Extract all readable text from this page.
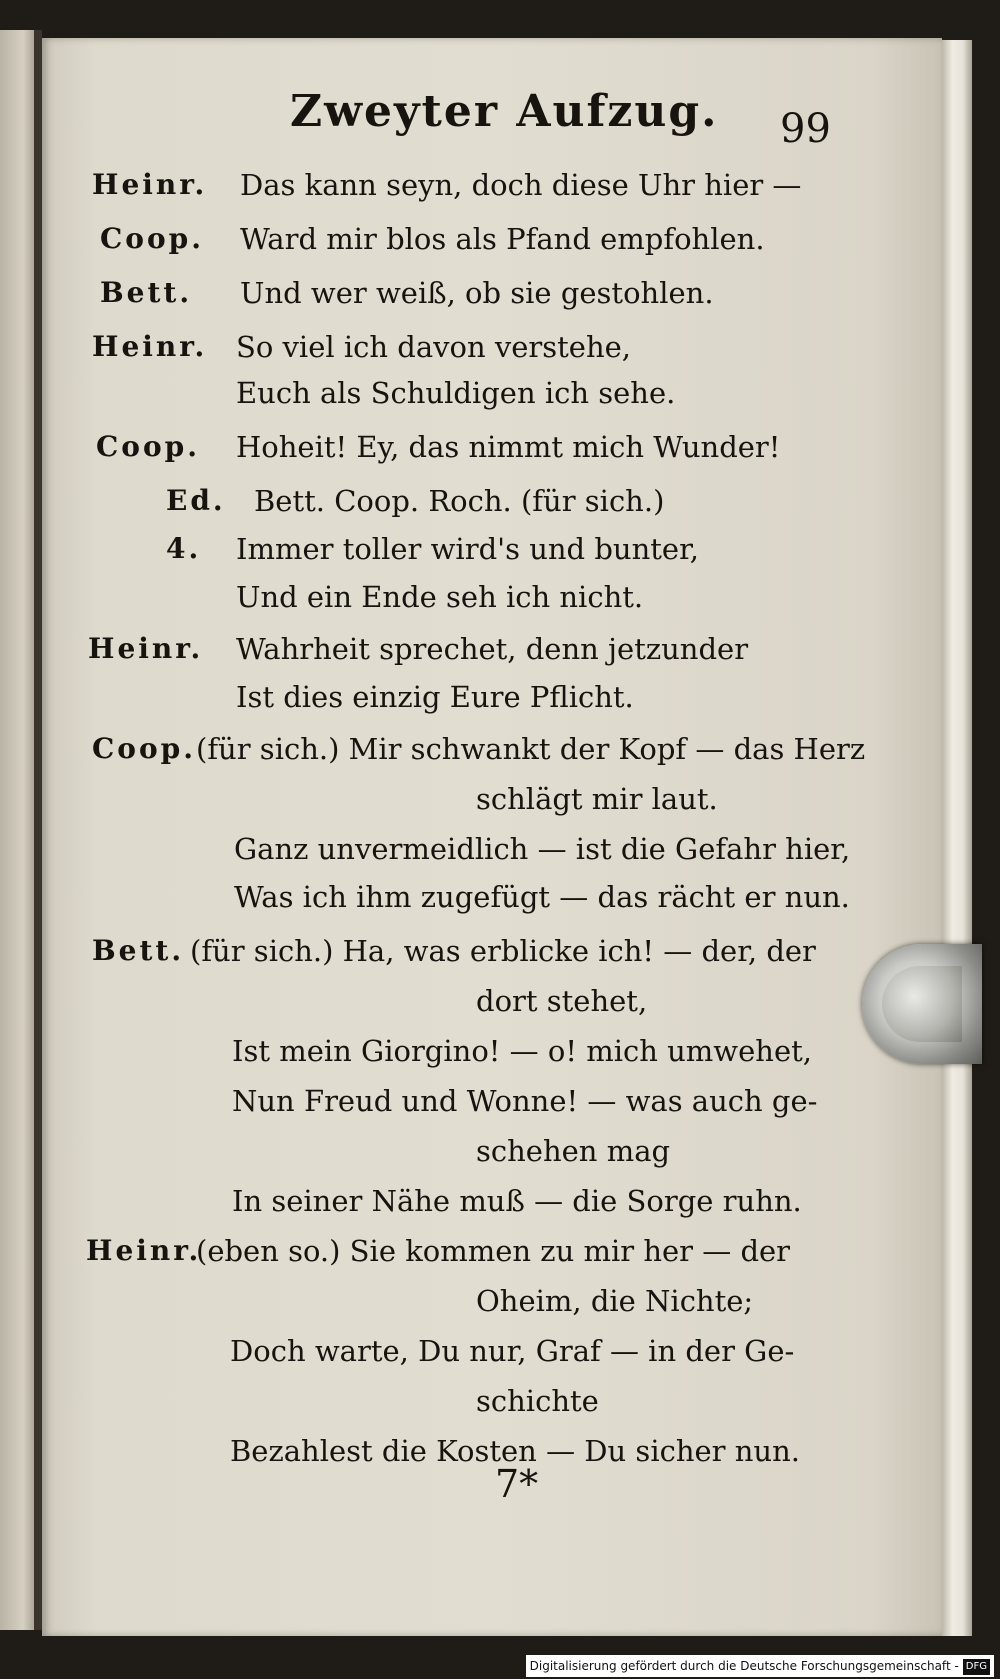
Zweyter Aufzug. 99
Heinr. Das kann seyn, doch diese Uhr hier —
Coop. Ward mir blos als Pfand empfohlen.
Bett. Und wer weiß, ob sie gestohlen.
Heinr. So viel ich davon verstehe,
Euch als Schuldigen ich sehe.
Coop. Hoheit! Ey, das nimmt mich Wunder!
Ed. Bett. Coop. Roch. (für sich.)
4. Immer toller wird's und bunter,
Und ein Ende seh ich nicht.
Heinr. Wahrheit sprechet, denn jetzunder
Ist dies einzig Eure Pflicht.
Coop. (für sich.) Mir schwankt der Kopf — das Herz
schlägt mir laut.
Ganz unvermeidlich — ist die Gefahr hier,
Was ich ihm zugefügt — das rächt er nun.
Bett. (für sich.) Ha, was erblicke ich! — der, der
dort stehet,
Ist mein Giorgino! — o! mich umwehet,
Nun Freud und Wonne! — was auch ge-
schehen mag
In seiner Nähe muß — die Sorge ruhn.
Heinr.
(eben so.) Sie kommen zu mir her — der
Oheim, die Nichte;
Doch warte, Du nur, Graf — in der Ge-
schichte
Bezahlest die Kosten — Du sicher nun.
7*
Digitalisierung gefördert durch die Deutsche Forschungsgemeinschaft - DFG
